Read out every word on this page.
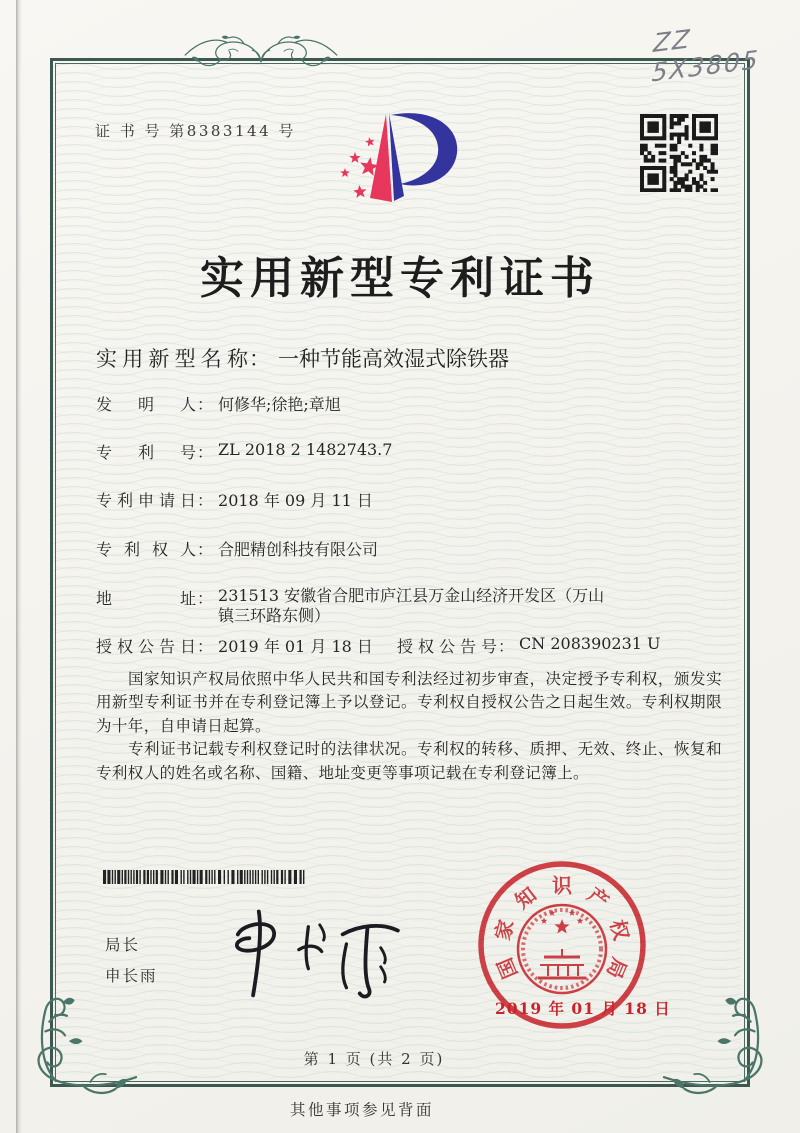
ZZ 5X3805
证 书 号 第8383144 号
实用新型专利证书
实 用 新 型 名 称 ： 一种节能高效湿式除铁器
发 明 人 ： 何修华;徐艳;章旭
专 利 号 ： ZL 2018 2 1482743.7
专 利 申 请 日 ： 2018 年 09 月 11 日
专 利 权 人 ： 合肥精创科技有限公司
地	址 ： 231513 安徽省合肥市庐江县万金山经济开发区（万山镇三环路东侧）
授 权 公 告 日 ： 2019 年 01 月 18 日 授 权 公 告 号 ： CN 208390231 U

国家知识产权局依照中华人民共和国专利法经过初步审查，决定授予专利权，颁发实用新型专利证书并在专利登记簿上予以登记。专利权自授权公告之日起生效。专利权期限为十年，自申请日起算。

专利证书记载专利权登记时的法律状况。专利权的转移、质押、无效、终止、恢复和专利权人的姓名或名称、国籍、地址变更等事项记载在专利登记簿上。

局长
申长雨	国
家
知 识 产
权
局
2019 年 01 月 18 日
第 1 页 (共 2 页)
其他事项参见背面
